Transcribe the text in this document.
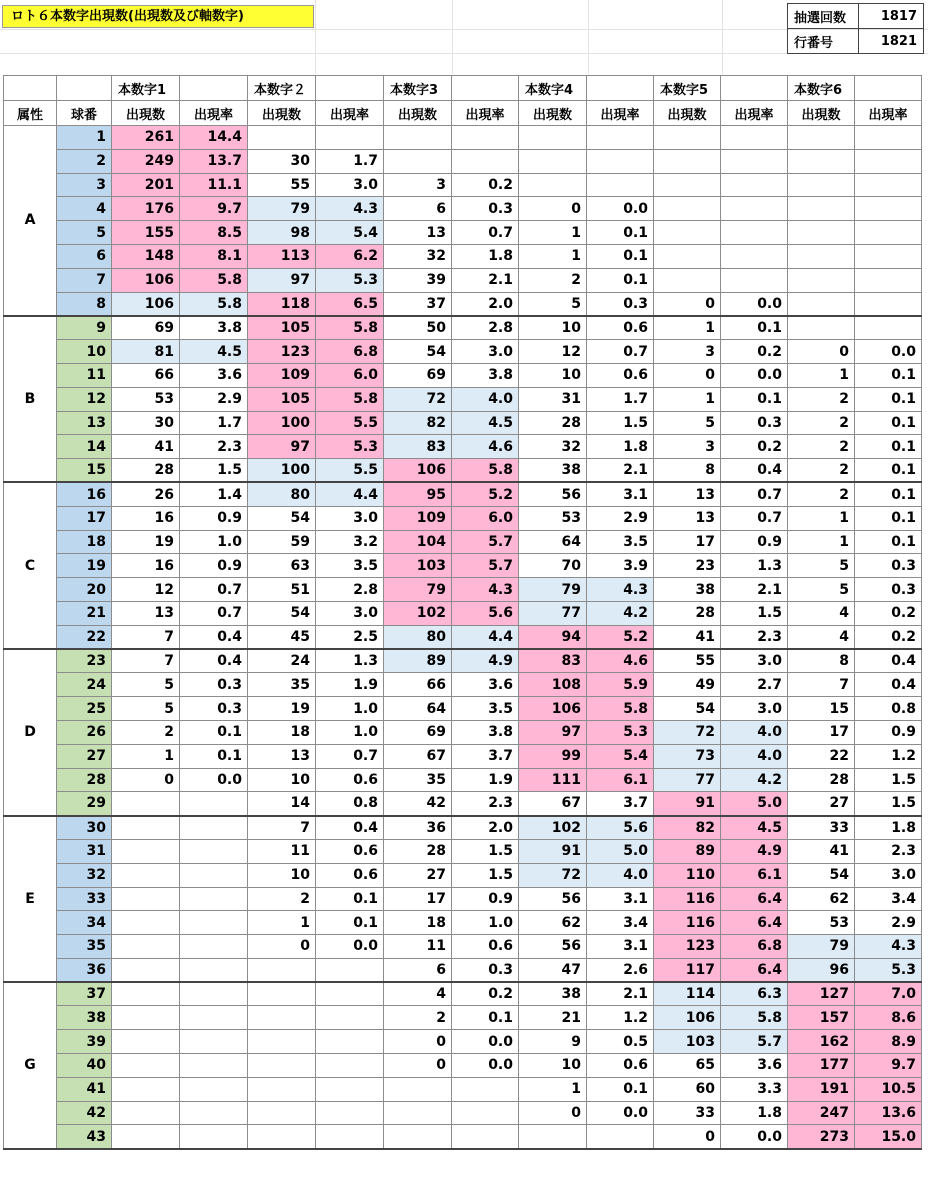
ロト６本数字出現数(出現数及び軸数字)	抽選回数	1817
行番号	1821
		本数字1		本数字２		本数字3		本数字4		本数字5		本数字6	
属性	球番	出現数	出現率	出現数	出現率	出現数	出現率	出現数	出現率	出現数	出現率	出現数	出現率
A	1	261	14.4										
	2	249	13.7	30	1.7								
	3	201	11.1	55	3.0	3	0.2						
	4	176	9.7	79	4.3	6	0.3	0	0.0				
	5	155	8.5	98	5.4	13	0.7	1	0.1				
	6	148	8.1	113	6.2	32	1.8	1	0.1				
	7	106	5.8	97	5.3	39	2.1	2	0.1				
	8	106	5.8	118	6.5	37	2.0	5	0.3	0	0.0		
B	9	69	3.8	105	5.8	50	2.8	10	0.6	1	0.1		
	10	81	4.5	123	6.8	54	3.0	12	0.7	3	0.2	0	0.0
	11	66	3.6	109	6.0	69	3.8	10	0.6	0	0.0	1	0.1
	12	53	2.9	105	5.8	72	4.0	31	1.7	1	0.1	2	0.1
	13	30	1.7	100	5.5	82	4.5	28	1.5	5	0.3	2	0.1
	14	41	2.3	97	5.3	83	4.6	32	1.8	3	0.2	2	0.1
	15	28	1.5	100	5.5	106	5.8	38	2.1	8	0.4	2	0.1
C	16	26	1.4	80	4.4	95	5.2	56	3.1	13	0.7	2	0.1
	17	16	0.9	54	3.0	109	6.0	53	2.9	13	0.7	1	0.1
	18	19	1.0	59	3.2	104	5.7	64	3.5	17	0.9	1	0.1
	19	16	0.9	63	3.5	103	5.7	70	3.9	23	1.3	5	0.3
	20	12	0.7	51	2.8	79	4.3	79	4.3	38	2.1	5	0.3
	21	13	0.7	54	3.0	102	5.6	77	4.2	28	1.5	4	0.2
	22	7	0.4	45	2.5	80	4.4	94	5.2	41	2.3	4	0.2
D	23	7	0.4	24	1.3	89	4.9	83	4.6	55	3.0	8	0.4
	24	5	0.3	35	1.9	66	3.6	108	5.9	49	2.7	7	0.4
	25	5	0.3	19	1.0	64	3.5	106	5.8	54	3.0	15	0.8
	26	2	0.1	18	1.0	69	3.8	97	5.3	72	4.0	17	0.9
	27	1	0.1	13	0.7	67	3.7	99	5.4	73	4.0	22	1.2
	28	0	0.0	10	0.6	35	1.9	111	6.1	77	4.2	28	1.5
	29			14	0.8	42	2.3	67	3.7	91	5.0	27	1.5
E	30			7	0.4	36	2.0	102	5.6	82	4.5	33	1.8
	31			11	0.6	28	1.5	91	5.0	89	4.9	41	2.3
	32			10	0.6	27	1.5	72	4.0	110	6.1	54	3.0
	33			2	0.1	17	0.9	56	3.1	116	6.4	62	3.4
	34			1	0.1	18	1.0	62	3.4	116	6.4	53	2.9
	35			0	0.0	11	0.6	56	3.1	123	6.8	79	4.3
	36					6	0.3	47	2.6	117	6.4	96	5.3
G	37					4	0.2	38	2.1	114	6.3	127	7.0
	38					2	0.1	21	1.2	106	5.8	157	8.6
	39					0	0.0	9	0.5	103	5.7	162	8.9
	40					0	0.0	10	0.6	65	3.6	177	9.7
	41							1	0.1	60	3.3	191	10.5
	42							0	0.0	33	1.8	247	13.6
	43									0	0.0	273	15.0
